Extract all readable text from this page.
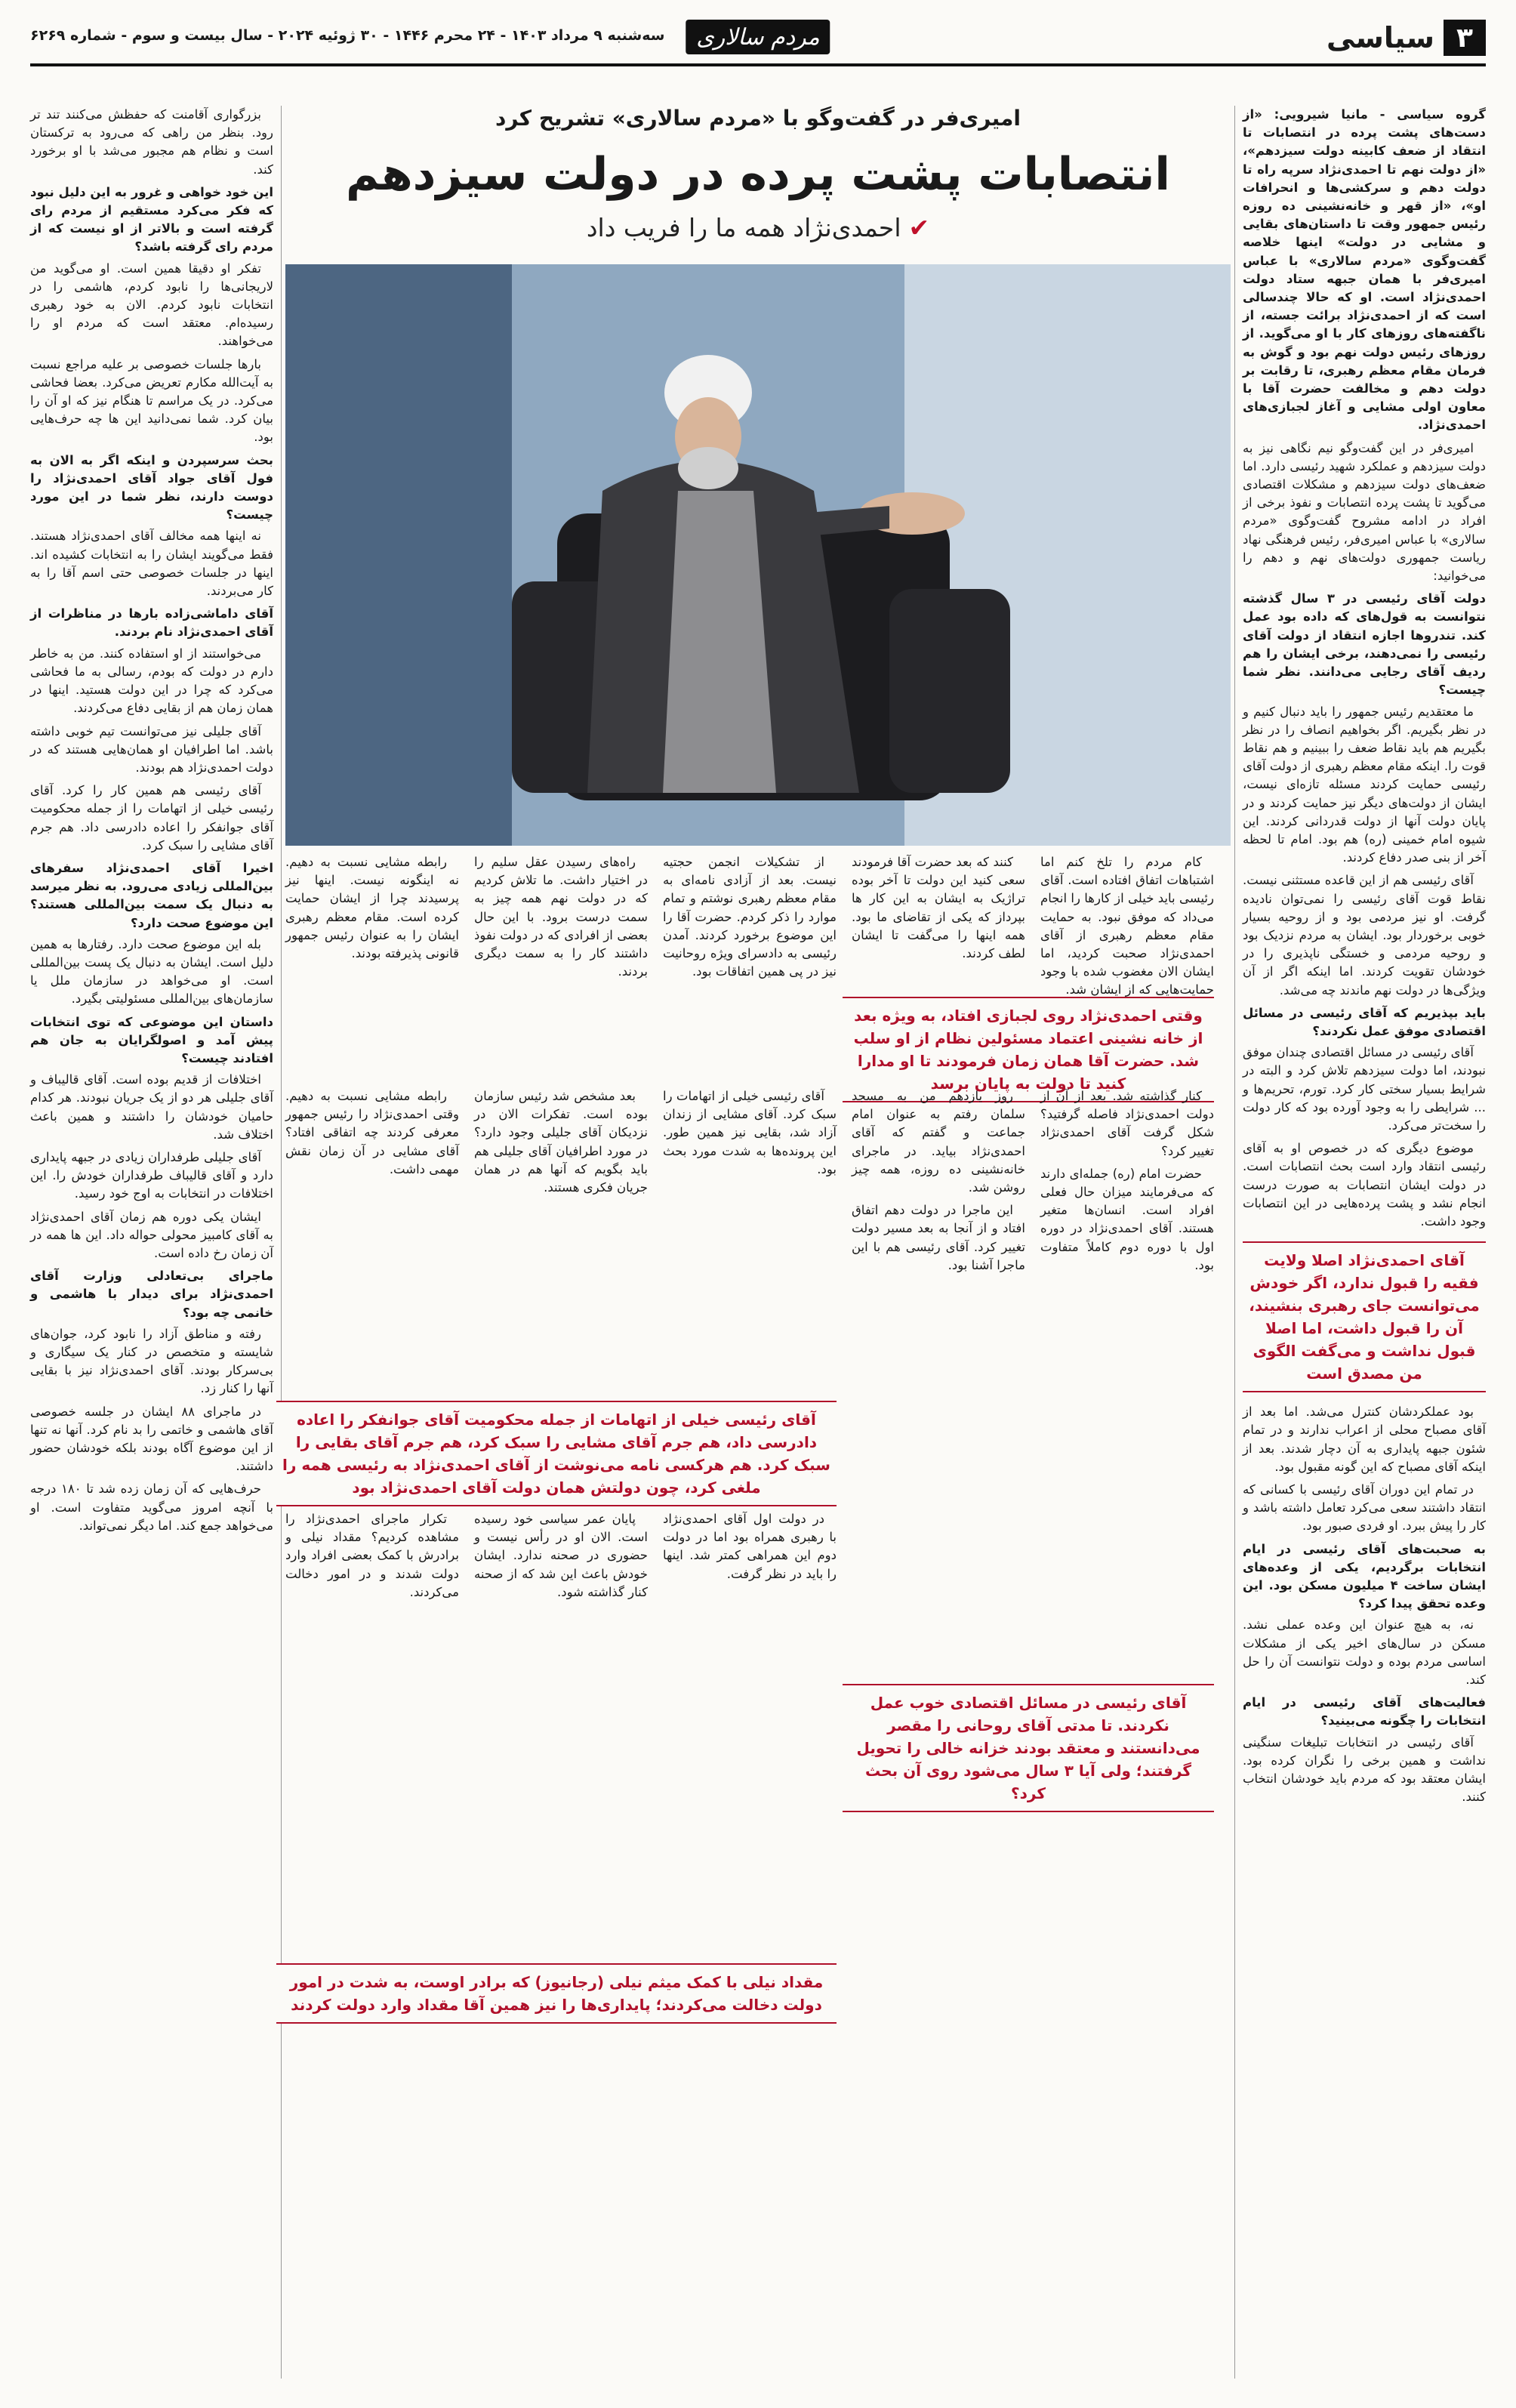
۳
سیاسی
مردم سالاری
سه‌شنبه ۹ مرداد ۱۴۰۳ - ۲۴ محرم ۱۴۴۶ - ۳۰ ژوئیه ۲۰۲۴ - سال بیست و سوم - شماره ۶۲۶۹

گروه سیاسی - مانیا شیرویی: «از دست‌های پشت پرده در انتصابات تا انتقاد از ضعف کابینه دولت سیزدهم»، «از دولت نهم تا احمدی‌نژاد سرپه راه تا دولت دهم و سرکشی‌ها و انحرافات او»، «از قهر و خانه‌نشینی ده روزه رئیس جمهور وقت تا داستان‌های بقایی و مشایی در دولت» اینها خلاصه گفت‌وگوی «مردم سالاری» با عباس امیری‌فر با همان جبهه ستاد دولت احمدی‌نژاد است. او که حالا چندسالی است که از احمدی‌نژاد برائت جسته، از ناگفته‌های روزهای کار با او می‌گوید. از روزهای رئیس دولت نهم بود و گوش به فرمان مقام معظم رهبری، تا رقابت بر دولت دهم و مخالفت حضرت آقا با معاون اولی مشایی و آغاز لجبازی‌های احمدی‌نژاد.

امیری‌فر در این گفت‌وگو نیم نگاهی نیز به دولت سیزدهم و عملکرد شهید رئیسی دارد. اما ضعف‌های دولت سیزدهم و مشکلات اقتصادی می‌گوید تا پشت پرده انتصابات و نفوذ برخی از افراد در ادامه مشروح گفت‌وگوی «مردم سالاری» با عباس امیری‌فر، رئیس فرهنگی نهاد ریاست جمهوری دولت‌های نهم و دهم را می‌خوانید:

دولت آقای رئیسی در ۳ سال گذشته نتوانست به قول‌های که داده بود عمل کند. تندروها اجازه انتقاد از دولت آقای رئیسی را نمی‌دهند، برخی ایشان را هم ردیف آقای رجایی می‌دانند. نظر شما چیست؟

ما معتقدیم رئیس جمهور را باید دنبال کنیم و در نظر بگیریم. اگر بخواهیم انصاف را در نظر بگیریم هم باید نقاط ضعف را ببینیم و هم نقاط قوت را. اینکه مقام معظم رهبری از دولت آقای رئیسی حمایت کردند مسئله تازه‌ای نیست، ایشان از دولت‌های دیگر نیز حمایت کردند و در پایان دولت آنها از دولت قدردانی کردند. این شیوه امام خمینی (ره) هم بود. امام تا لحظه آخر از بنی صدر دفاع کردند.

آقای رئیسی هم از این قاعده مستثنی نیست. نقاط قوت آقای رئیسی را نمی‌توان نادیده گرفت. او نیز مردمی بود و از روحیه بسیار خوبی برخوردار بود. ایشان به مردم نزدیک بود و روحیه مردمی و خستگی ناپذیری را در خودشان تقویت کردند. اما اینکه اگر از آن ویژگی‌ها در دولت نهم ماندند چه می‌شد.

باید بپذیریم که آقای رئیسی در مسائل اقتصادی موفق عمل نکردند؟

آقای رئیسی در مسائل اقتصادی چندان موفق نبودند، اما دولت سیزدهم تلاش کرد و البته در شرایط بسیار سختی کار کرد. تورم، تحریم‌ها و ... شرایطی را به وجود آورده بود که کار دولت را سخت‌تر می‌کرد.

موضوع دیگری که در خصوص او به آقای رئیسی انتقاد وارد است بحث انتصابات است. در دولت ایشان انتصابات به صورت درست انجام نشد و پشت پرده‌هایی در این انتصابات وجود داشت.

آقای احمدی‌نژاد اصلا ولایت فقیه را قبول ندارد، اگر خودش می‌توانست جای رهبری بنشیند، آن را قبول داشت، اما اصلا قبول نداشت و می‌گفت الگوی من مصدق است

بود عملکردشان کنترل می‌شد. اما بعد از آقای مصباح محلی از اعراب ندارند و در تمام شئون جبهه پایداری به آن دچار شدند. بعد از اینکه آقای مصباح که این گونه مقبول بود.

در تمام این دوران آقای رئیسی با کسانی که انتقاد داشتند سعی می‌کرد تعامل داشته باشد و کار را پیش ببرد. او فردی صبور بود.

به صحبت‌های آقای رئیسی در ایام انتخابات برگردیم، یکی از وعده‌های ایشان ساخت ۴ میلیون مسکن بود. این وعده تحقق پیدا کرد؟

نه، به هیچ عنوان این وعده عملی نشد. مسکن در سال‌های اخیر یکی از مشکلات اساسی مردم بوده و دولت نتوانست آن را حل کند.

فعالیت‌های آقای رئیسی در ایام انتخابات را چگونه می‌بینید؟

آقای رئیسی در انتخابات تبلیغات سنگینی نداشت و همین برخی را نگران کرده بود. ایشان معتقد بود که مردم باید خودشان انتخاب کنند.

بزرگواری آقامنت که حفظش می‌کنند تند تر رود. بنظر من راهی که می‌رود به ترکستان است و نظام هم مجبور می‌شد با او برخورد کند.

این خود خواهی و غرور به این دلیل نبود که فکر می‌کرد مستقیم از مردم رای گرفته است و بالاتر از او نیست که از مردم رای گرفته باشد؟

تفکر او دقیقا همین است. او می‌گوید من لاریجانی‌ها را نابود کردم، هاشمی را در انتخابات نابود کردم. الان به خود رهبری رسیده‌ام. معتقد است که مردم او را می‌خواهند.

بارها جلسات خصوصی بر علیه مراجع نسبت به آیت‌الله مکارم تعریض می‌کرد. بعضا فحاشی می‌کرد. در یک مراسم تا هنگام نیز که او آن را بیان کرد. شما نمی‌دانید این ها چه حرف‌هایی بود.

بحث سرسپردن و اینکه اگر به الان به فول آقای جواد آقای احمدی‌نژاد را دوست دارند، نظر شما در این مورد چیست؟

نه اینها همه مخالف آقای احمدی‌نژاد هستند. فقط می‌گویند ایشان را به انتخابات کشیده اند. اینها در جلسات خصوصی حتی اسم آقا را به کار می‌بردند.

آقای داماشی‌زاده بارها در مناظرات از آقای احمدی‌نژاد نام بردند.

می‌خواستند از او استفاده کنند. من به خاطر دارم در دولت که بودم، رسالی به ما فحاشی می‌کرد که چرا در این دولت هستید. اینها در همان زمان هم از بقایی دفاع می‌کردند.

آقای جلیلی نیز می‌توانست تیم خوبی داشته باشد. اما اطرافیان او همان‌هایی هستند که در دولت احمدی‌نژاد هم بودند.

آقای رئیسی هم همین کار را کرد. آقای رئیسی خیلی از اتهامات را از جمله محکومیت آقای جوانفکر را اعاده دادرسی داد. هم جرم آقای مشایی را سبک کرد.

اخیرا آقای احمدی‌نژاد سفرهای بین‌المللی زیادی می‌رود. به نظر میرسد به دنبال یک سمت بین‌المللی هستند؟ این موضوع صحت دارد؟

بله این موضوع صحت دارد. رفتارها به همین دلیل است. ایشان به دنبال یک پست بین‌المللی است. او می‌خواهد در سازمان ملل یا سازمان‌های بین‌المللی مسئولیتی بگیرد.

داستان این موضوعی که توی انتخابات پیش آمد و اصولگرایان به جان هم افتادند چیست؟

اختلافات از قدیم بوده است. آقای قالیباف و آقای جلیلی هر دو از یک جریان نبودند. هر کدام حامیان خودشان را داشتند و همین باعث اختلاف شد.

آقای جلیلی طرفداران زیادی در جبهه پایداری دارد و آقای قالیباف طرفداران خودش را. این اختلافات در انتخابات به اوج خود رسید.

ایشان یکی دوره هم زمان آقای احمدی‌نژاد به آقای کامبیز محولی حواله داد. این ها همه در آن زمان رخ داده است.

ماجرای بی‌تعادلی وزارت آقای احمدی‌نژاد برای دیدار با هاشمی و خانمی چه بود؟

رفته و مناطق آزاد را نابود کرد، جوان‌های شایسته و متخصص در کنار یک سیگاری و بی‌سرکار بودند. آقای احمدی‌نژاد نیز با بقایی آنها را کنار زد.

در ماجرای ۸۸ ایشان در جلسه خصوصی آقای هاشمی و خاتمی را بد نام کرد. آنها نه تنها از این موضوع آگاه بودند بلکه خودشان حضور داشتند.

حرف‌هایی که آن زمان زده شد تا ۱۸۰ درجه با آنچه امروز می‌گوید متفاوت است. او می‌خواهد جمع کند. اما دیگر نمی‌تواند.

امیری‌فر در گفت‌وگو با «مردم سالاری» تشریح کرد
انتصابات پشت پرده در دولت سیزدهم
✔احمدی‌نژاد همه ما را فریب داد

کام مردم را تلخ کنم اما اشتباهات اتفاق افتاده است. آقای رئیسی باید خیلی از کارها را انجام می‌داد که موفق نبود. به حمایت مقام معظم رهبری از آقای احمدی‌نژاد صحبت کردید، اما ایشان الان مغضوب شده با وجود حمایت‌هایی که از ایشان شد.

کنند که بعد حضرت آقا فرمودند سعی کنید این دولت تا آخر بوده تراژیک به ایشان به این کار ها بپرداز که یکی از تقاضای ما بود. همه اینها را می‌گفت تا ایشان لطف کردند.

از تشکیلات انجمن حجتیه نیست. بعد از آزادی نامه‌ای به مقام معظم رهبری نوشتم و تمام موارد را ذکر کردم. حضرت آقا را این موضوع برخورد کردند. آمدن رئیسی به دادسرای ویژه روحانیت نیز در پی همین اتفاقات بود.

راه‌های رسیدن عقل سلیم را در اختیار داشت. ما تلاش کردیم که در دولت نهم همه چیز به سمت درست برود. با این حال بعضی از افرادی که در دولت نفوذ داشتند کار را به سمت دیگری بردند.

رابطه مشایی نسبت به دهیم. نه اینگونه نیست. اینها نیز پرسیدند چرا از ایشان حمایت کرده است. مقام معظم رهبری ایشان را به عنوان رئیس جمهور قانونی پذیرفته بودند.

وقتی احمدی‌نژاد روی لجبازی افتاد، به ویژه بعد از خانه نشینی اعتماد مسئولین نظام از او سلب شد. حضرت آقا همان زمان فرمودند تا او مدارا کنید تا دولت به پایان برسد

کنار گذاشته شد. بعد از آن از دولت احمدی‌نژاد فاصله گرفتید؟ شکل گرفت آقای احمدی‌نژاد تغییر کرد؟

حضرت امام (ره) جمله‌ای دارند که می‌فرمایند میزان حال فعلی افراد است. انسان‌ها متغیر هستند. آقای احمدی‌نژاد در دوره اول با دوره دوم کاملاً متفاوت بود.

روز یازدهم من به مسجد سلمان رفتم به عنوان امام جماعت و گفتم که آقای احمدی‌نژاد بیاید. در ماجرای خانه‌نشینی ده روزه، همه چیز روشن شد.

این ماجرا در دولت دهم اتفاق افتاد و از آنجا به بعد مسیر دولت تغییر کرد. آقای رئیسی هم با این ماجرا آشنا بود.

آقای رئیسی خیلی از اتهامات را سبک کرد. آقای مشایی از زندان آزاد شد، بقایی نیز همین طور. این پرونده‌ها به شدت مورد بحث بود.

بعد مشخص شد رئیس سازمان بوده است. تفکرات الان در نزدیکان آقای جلیلی وجود دارد؟ در مورد اطرافیان آقای جلیلی هم باید بگویم که آنها هم در همان جریان فکری هستند.

رابطه مشایی نسبت به دهیم. وقتی احمدی‌نژاد را رئیس جمهور معرفی کردند چه اتفاقی افتاد؟ آقای مشایی در آن زمان نقش مهمی داشت.

آقای رئیسی خیلی از اتهامات از جمله محکومیت آقای جوانفکر را اعاده دادرسی داد، هم جرم آقای مشایی را سبک کرد، هم جرم آقای بقایی را سبک کرد. هم هرکسی نامه می‌نوشت از آقای احمدی‌نژاد به رئیسی همه را ملغی کرد، چون دولتش همان دولت آقای احمدی‌نژاد بود

در دولت اول آقای احمدی‌نژاد با رهبری همراه بود اما در دولت دوم این همراهی کمتر شد. اینها را باید در نظر گرفت.

پایان عمر سیاسی خود رسیده است. الان او در رأس نیست و حضوری در صحنه ندارد. ایشان خودش باعث این شد که از صحنه کنار گذاشته شود.

تکرار ماجرای احمدی‌نژاد را مشاهده کردیم؟ مقداد نیلی و برادرش با کمک بعضی افراد وارد دولت شدند و در امور دخالت می‌کردند.

آقای رئیسی در مسائل اقتصادی خوب عمل نکردند. تا مدتی آقای روحانی را مقصر می‌دانستند و معتقد بودند خزانه خالی را تحویل گرفتند؛ ولی آیا ۳ سال می‌شود روی آن بحث کرد؟
مقداد نیلی با کمک میثم نیلی (رجانیوز) که برادر اوست، به شدت در امور دولت دخالت می‌کردند؛ پایداری‌ها را نیز همین آقا مقداد وارد دولت کردند
